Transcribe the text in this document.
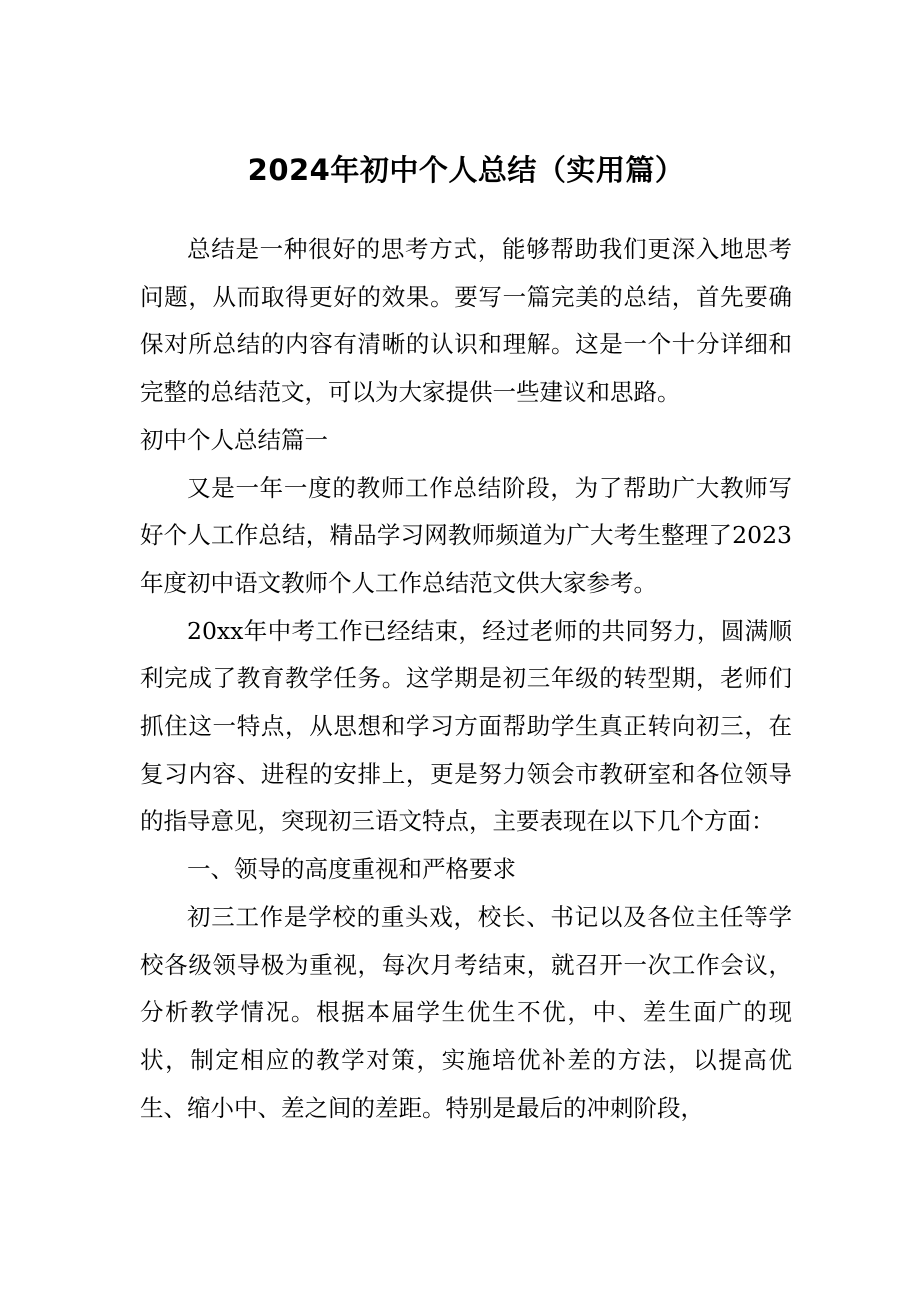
2024年初中个人总结（实用篇）

总结是一种很好的思考方式，能够帮助我们更深入地思考问题，从而取得更好的效果。要写一篇完美的总结，首先要确保对所总结的内容有清晰的认识和理解。这是一个十分详细和完整的总结范文，可以为大家提供一些建议和思路。

初中个人总结篇一

又是一年一度的教师工作总结阶段，为了帮助广大教师写好个人工作总结，精品学习网教师频道为广大考生整理了2023年度初中语文教师个人工作总结范文供大家参考。

20xx年中考工作已经结束，经过老师的共同努力，圆满顺利完成了教育教学任务。这学期是初三年级的转型期，老师们抓住这一特点，从思想和学习方面帮助学生真正转向初三，在复习内容、进程的安排上，更是努力领会市教研室和各位领导的指导意见，突现初三语文特点，主要表现在以下几个方面：

一、领导的高度重视和严格要求

初三工作是学校的重头戏，校长、书记以及各位主任等学校各级领导极为重视，每次月考结束，就召开一次工作会议，分析教学情况。根据本届学生优生不优，中、差生面广的现状，制定相应的教学对策，实施培优补差的方法，以提高优生、缩小中、差之间的差距。特别是最后的冲刺阶段，
